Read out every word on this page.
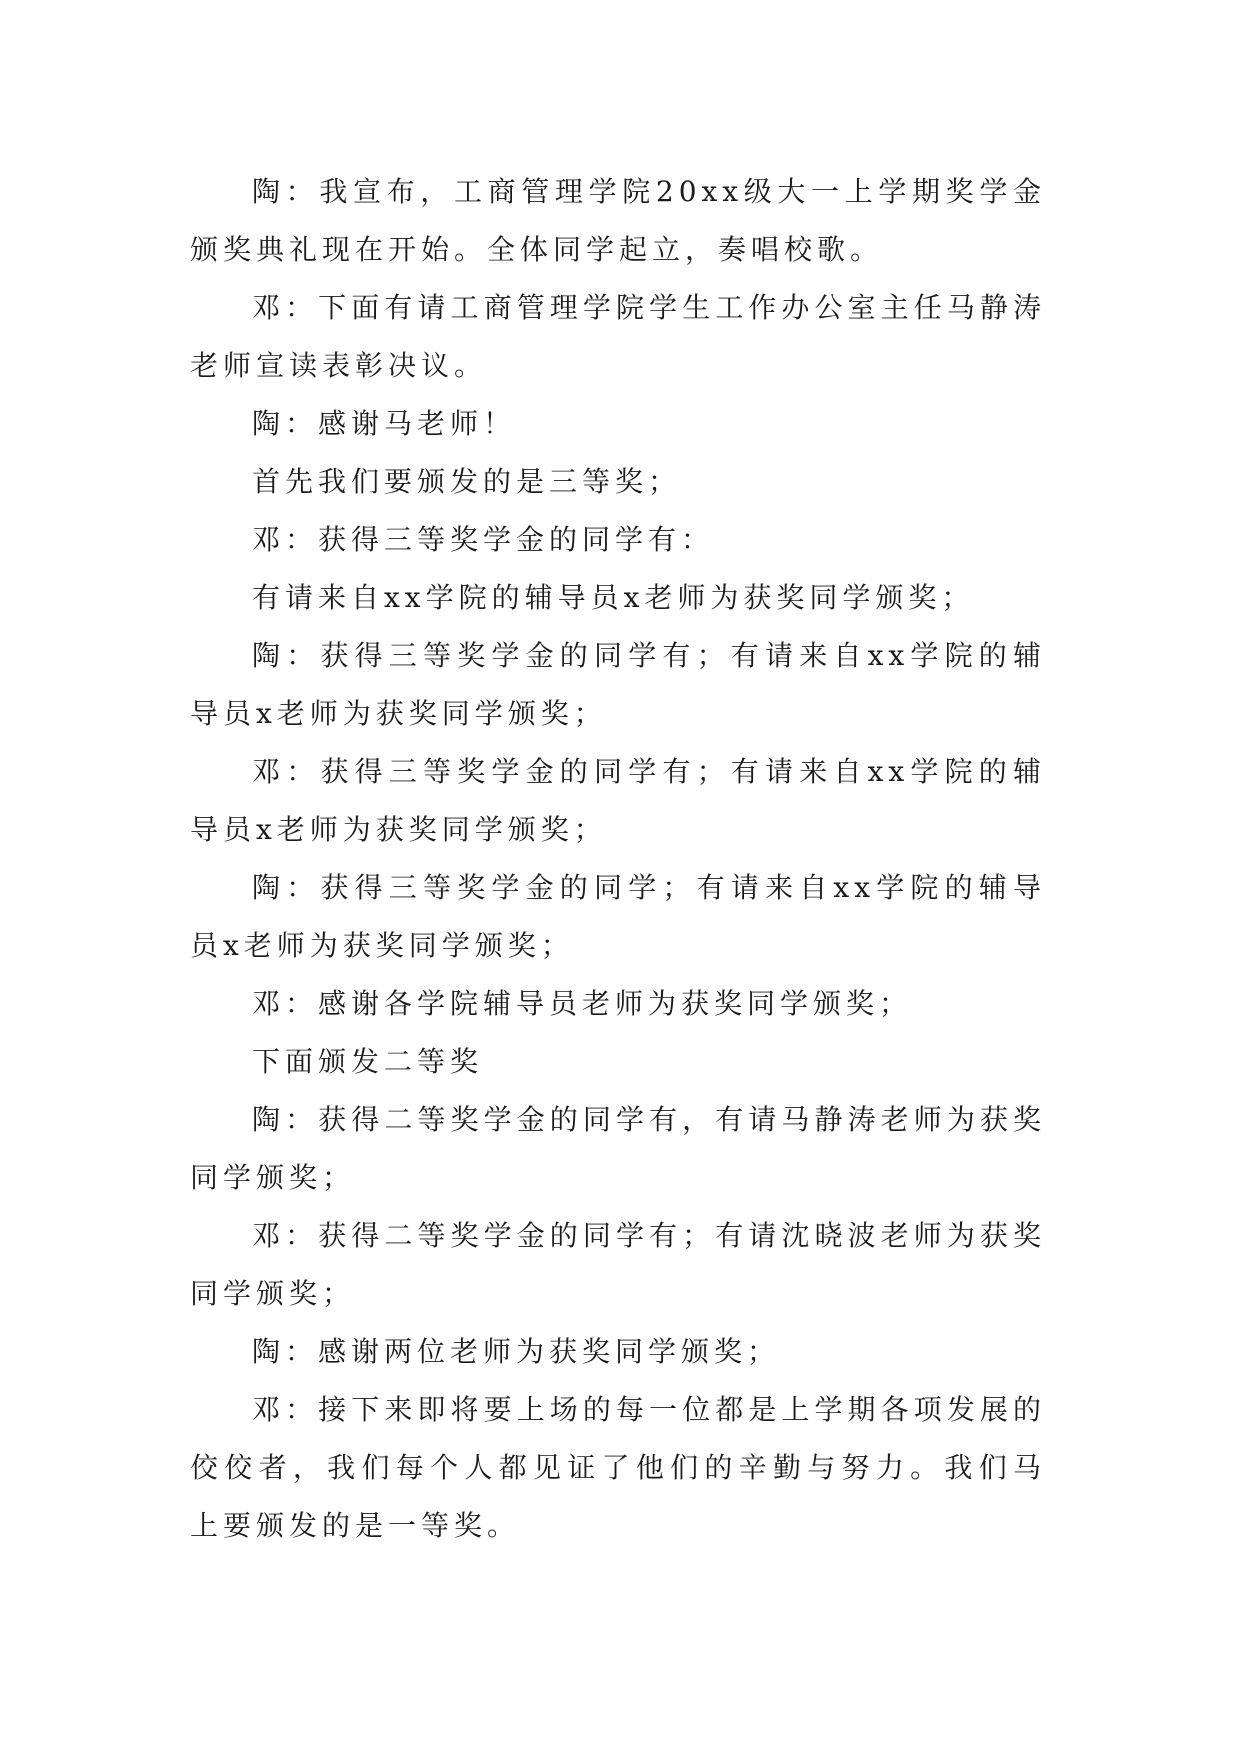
陶：我宣布，工商管理学院20xx级大一上学期奖学金颁奖典礼现在开始。全体同学起立，奏唱校歌。

邓：下面有请工商管理学院学生工作办公室主任马静涛老师宣读表彰决议。

陶：感谢马老师！

首先我们要颁发的是三等奖；

邓：获得三等奖学金的同学有：

有请来自xx学院的辅导员x老师为获奖同学颁奖；

陶：获得三等奖学金的同学有；有请来自xx学院的辅导员x老师为获奖同学颁奖；

邓：获得三等奖学金的同学有；有请来自xx学院的辅导员x老师为获奖同学颁奖；

陶：获得三等奖学金的同学；有请来自xx学院的辅导员x老师为获奖同学颁奖；

邓：感谢各学院辅导员老师为获奖同学颁奖；

下面颁发二等奖

陶：获得二等奖学金的同学有，有请马静涛老师为获奖同学颁奖；

邓：获得二等奖学金的同学有；有请沈晓波老师为获奖同学颁奖；

陶：感谢两位老师为获奖同学颁奖；

邓：接下来即将要上场的每一位都是上学期各项发展的佼佼者，我们每个人都见证了他们的辛勤与努力。我们马上要颁发的是一等奖。
